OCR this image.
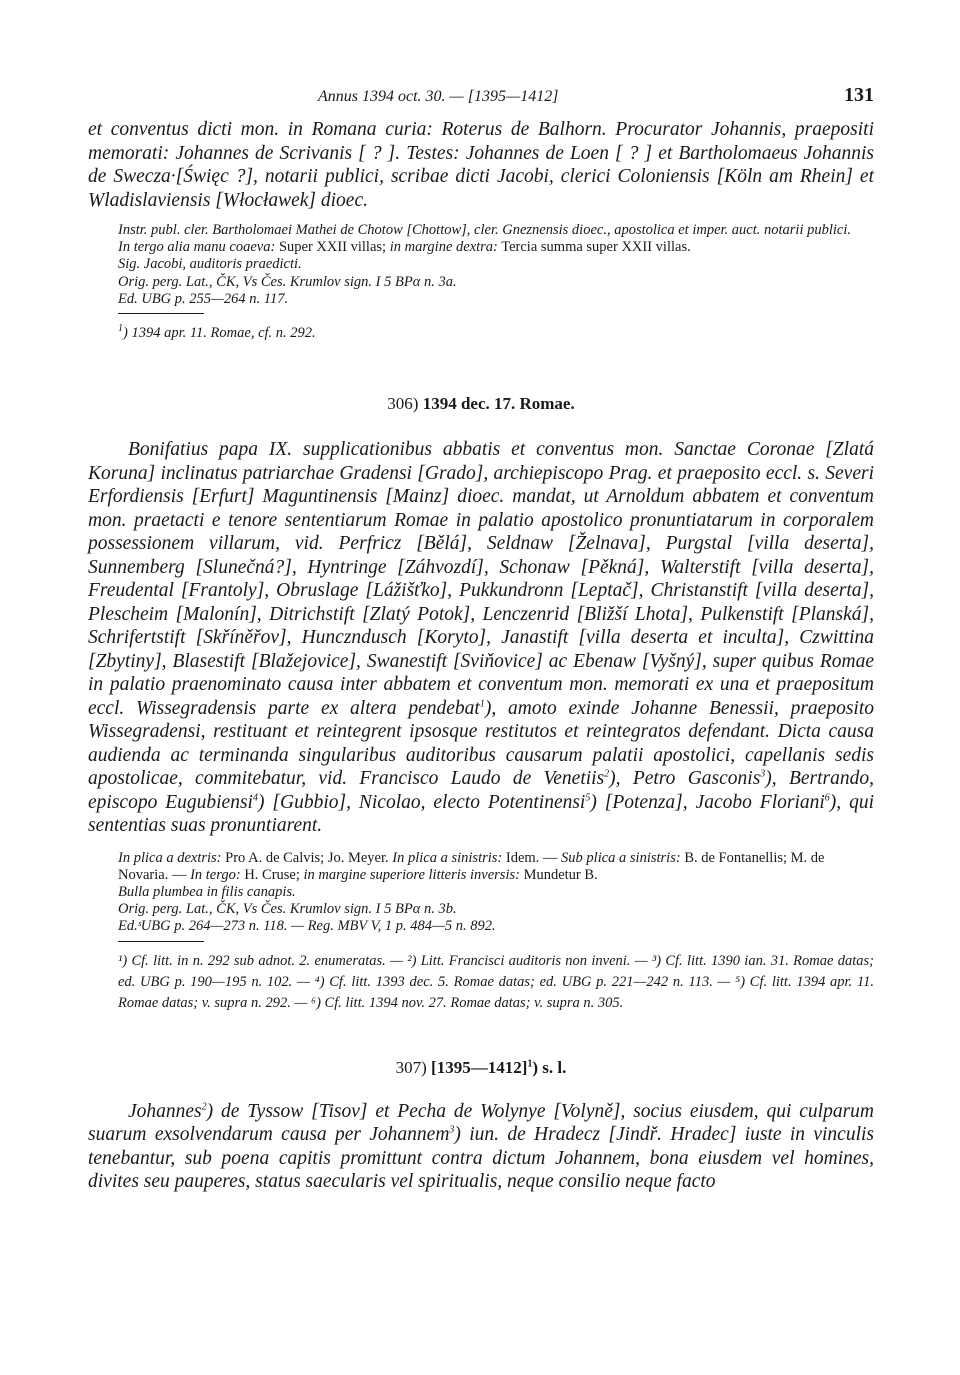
Annus 1394 oct. 30. — [1395—1412]	131

et conventus dicti mon. in Romana curia: Roterus de Balhorn. Procurator Johannis, praepositi memorati: Johannes de Scrivanis [ ? ]. Testes: Johannes de Loen [ ? ] et Bartholomaeus Johannis de Swecza·[Święc ?], notarii publici, scribae dicti Jacobi, clerici Coloniensis [Köln am Rhein] et Wladislaviensis [Włocławek] dioec.

Instr. publ. cler. Bartholomaei Mathei de Chotow [Chottow], cler. Gneznensis dioec., apostolica et imper. auct. notarii publici.

In tergo alia manu coaeva: Super XXII villas; in margine dextra: Tercia summa super XXII villas.

Sig. Jacobi, auditoris praedicti.

Orig. perg. Lat., ČK, Vs Čes. Krumlov sign. I 5 BPα n. 3a.

Ed. UBG p. 255—264 n. 117.

$^1$) 1394 apr. 11. Romae, cf. n. 292.

306) 1394 dec. 17. Romae.

Bonifatius papa IX. supplicationibus abbatis et conventus mon. Sanctae Coronae [Zlatá Koruna] inclinatus patriarchae Gradensi [Grado], archiepiscopo Prag. et praeposito eccl. s. Severi Erfordiensis [Erfurt] Maguntinensis [Mainz] dioec. mandat, ut Arnoldum abbatem et conventum mon. praetacti e tenore sententiarum Romae in palatio apostolico pronuntiatarum in corporalem possessionem villarum, vid. Perfricz [Bělá], Seldnaw [Želnava], Purgstal [villa deserta], Sunnemberg [Slunečná?], Hyntringe [Záhvozdí], Schonaw [Pěkná], Walterstift [villa deserta], Freudental [Frantoly], Obruslage [Lážišťko], Pukkundronn [Leptač], Christanstift [villa deserta], Plescheim [Malonín], Ditrichstift [Zlatý Potok], Lenczenrid [Bližší Lhota], Pulkenstift [Planská], Schrifertstift [Skříněřov], Hunczndusch [Koryto], Janastift [villa deserta et inculta], Czwittina [Zbytiny], Blasestift [Blažejovice], Swanestift [Sviňovice] ac Ebenaw [Vyšný], super quibus Romae in palatio praenominato causa inter abbatem et conventum mon. memorati ex una et praepositum eccl. Wissegradensis parte ex altera pendebat$^1$), amoto exinde Johanne Benessii, praeposito Wissegradensi, restituant et reintegrent ipsosque restitutos et reintegratos defendant. Dicta causa audienda ac terminanda singularibus auditoribus causarum palatii apostolici, capellanis sedis apostolicae, commitebatur, vid. Francisco Laudo de Venetiis$^2$), Petro Gasconis$^3$), Bertrando, episcopo Eugubiensi$^4$) [Gubbio], Nicolao, electo Potentinensi$^5$) [Potenza], Jacobo Floriani$^6$), qui sententias suas pronuntiarent.

In plica a dextris: Pro A. de Calvis; Jo. Meyer. In plica a sinistris: Idem. — Sub plica a sinistris: B. de Fontanellis; M. de Novaria. — In tergo: H. Cruse; in margine superiore litteris inversis: Mundetur B.

Bulla plumbea in filis canapis.

Orig. perg. Lat., ČK, Vs Čes. Krumlov sign. I 5 BPα n. 3b.

Ed.ˢUBG p. 264—273 n. 118. — Reg. MBV V, 1 p. 484—5 n. 892.

¹) Cf. litt. in n. 292 sub adnot. 2. enumeratas. — ²) Litt. Francisci auditoris non inveni. — ³) Cf. litt. 1390 ian. 31. Romae datas; ed. UBG p. 190—195 n. 102. — ⁴) Cf. litt. 1393 dec. 5. Romae datas; ed. UBG p. 221—242 n. 113. — ⁵) Cf. litt. 1394 apr. 11. Romae datas; v. supra n. 292. — ⁶) Cf. litt. 1394 nov. 27. Romae datas; v. supra n. 305.

307) [1395—1412]$^1$) s. l.

Johannes$^2$) de Tyssow [Tisov] et Pecha de Wolynye [Volyně], socius eiusdem, qui culparum suarum exsolvendarum causa per Johannem$^3$) iun. de Hradecz [Jindř. Hradec] iuste in vinculis tenebantur, sub poena capitis promittunt contra dictum Johannem, bona eiusdem vel homines, divites seu pauperes, status saecularis vel spiritualis, neque consilio neque facto
